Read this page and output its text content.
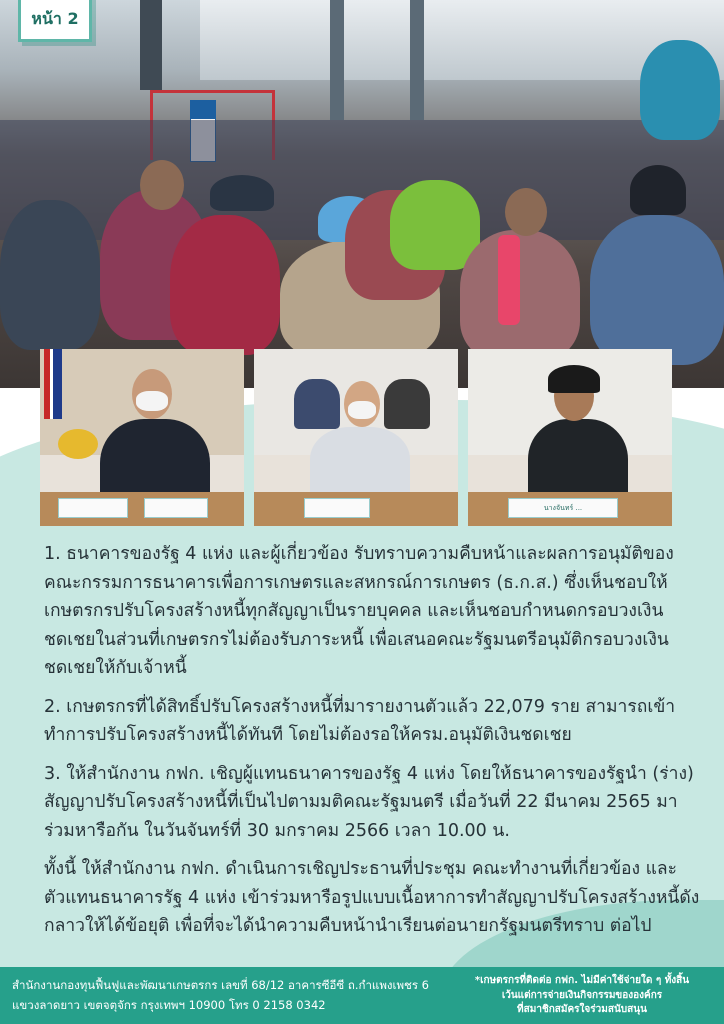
หน้า 2
นางจันทร์ ...

1. ธนาคารของรัฐ 4 แห่ง และผู้เกี่ยวข้อง รับทราบความคืบหน้าและผลการอนุมัติของคณะกรรมการธนาคารเพื่อการเกษตรและสหกรณ์การเกษตร (ธ.ก.ส.) ซึ่งเห็นชอบให้เกษตรกรปรับโครงสร้างหนี้ทุกสัญญาเป็นรายบุคคล และเห็นชอบกำหนดกรอบวงเงินชดเชยในส่วนที่เกษตรกรไม่ต้องรับภาระหนี้ เพื่อเสนอคณะรัฐมนตรีอนุมัติกรอบวงเงินชดเชยให้กับเจ้าหนี้

2. เกษตรกรที่ได้สิทธิ์ปรับโครงสร้างหนี้ที่มารายงานตัวแล้ว 22,079 ราย สามารถเข้าทำการปรับโครงสร้างหนี้ได้ทันที โดยไม่ต้องรอให้ครม.อนุมัติเงินชดเชย

3. ให้สำนักงาน กฟก. เชิญผู้แทนธนาคารของรัฐ 4 แห่ง โดยให้ธนาคารของรัฐนำ (ร่าง) สัญญาปรับโครงสร้างหนี้ที่เป็นไปตามมติคณะรัฐมนตรี เมื่อวันที่ 22 มีนาคม 2565 มาร่วมหารือกัน ในวันจันทร์ที่ 30 มกราคม 2566 เวลา 10.00 น.

ทั้งนี้ ให้สำนักงาน กฟก. ดำเนินการเชิญประธานที่ประชุม คณะทำงานที่เกี่ยวข้อง และตัวแทนธนาคารรัฐ 4 แห่ง เข้าร่วมหารือรูปแบบเนื้อหาการทำสัญญาปรับโครงสร้างหนี้ดังกลาวให้ได้ข้อยุติ เพื่อที่จะได้นำความคืบหน้านำเรียนต่อนายกรัฐมนตรีทราบ ต่อไป

สำนักงานกองทุนฟื้นฟูและพัฒนาเกษตรกร เลขที่ 68/12 อาคารซีอีซี ถ.กำแพงเพชร 6
แขวงลาดยาว เขตจตุจักร กรุงเทพฯ 10900 โทร 0 2158 0342
*เกษตรกรที่ติดต่อ กฟก. ไม่มีค่าใช้จ่ายใด ๆ ทั้งสิ้น
เว้นแต่การจ่ายเงินกิจกรรมขององค์กร
ที่สมาชิกสมัครใจร่วมสนับสนุน
